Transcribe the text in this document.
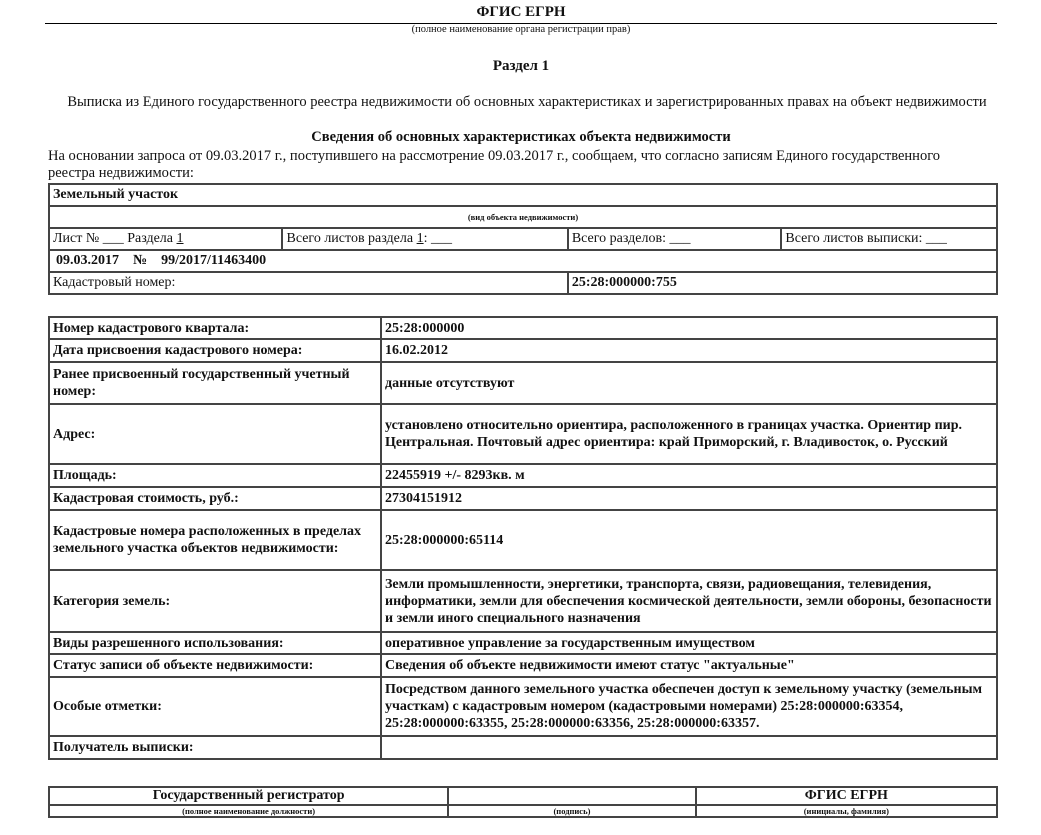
ФГИС ЕГРН
(полное наименование органа регистрации прав)
Раздел 1
Выписка из Единого государственного реестра недвижимости об основных характеристиках и зарегистрированных правах на объект недвижимости
Сведения об основных характеристиках объекта недвижимости
На основании запроса от 09.03.2017 г., поступившего на рассмотрение 09.03.2017 г., сообщаем, что согласно записям Единого государственного реестра недвижимости:
Земельный участок			
(вид объекта недвижимости)			
Лист № ___ Раздела 1	Всего листов раздела 1: ___	Всего разделов: ___	Всего листов выписки: ___
09.03.2017    №    99/2017/11463400			
Кадастровый номер:		25:28:000000:755	
Номер кадастрового квартала:	25:28:000000
Дата присвоения кадастрового номера:	16.02.2012
Ранее присвоенный государственный учетный номер:	данные отсутствуют
Адрес:	установлено относительно ориентира, расположенного в границах участка. Ориентир пир. Центральная. Почтовый адрес ориентира: край Приморский, г. Владивосток, о. Русский
Площадь:	22455919 +/- 8293кв. м
Кадастровая стоимость, руб.:	27304151912
Кадастровые номера расположенных в пределах земельного участка объектов недвижимости:	25:28:000000:65114
Категория земель:	Земли промышленности, энергетики, транспорта, связи, радиовещания, телевидения, информатики, земли для обеспечения космической деятельности, земли обороны, безопасности и земли иного специального назначения
Виды разрешенного использования:	оперативное управление за государственным имуществом
Статус записи об объекте недвижимости:	Сведения об объекте недвижимости имеют статус "актуальные"
Особые отметки:	Посредством данного земельного участка обеспечен доступ к земельному участку (земельным участкам) с кадастровым номером (кадастровыми номерами) 25:28:000000:63354, 25:28:000000:63355, 25:28:000000:63356, 25:28:000000:63357.
Получатель выписки:	
Государственный регистратор		ФГИС ЕГРН
(полное наименование должности)	(подпись)	(инициалы, фамилия)
